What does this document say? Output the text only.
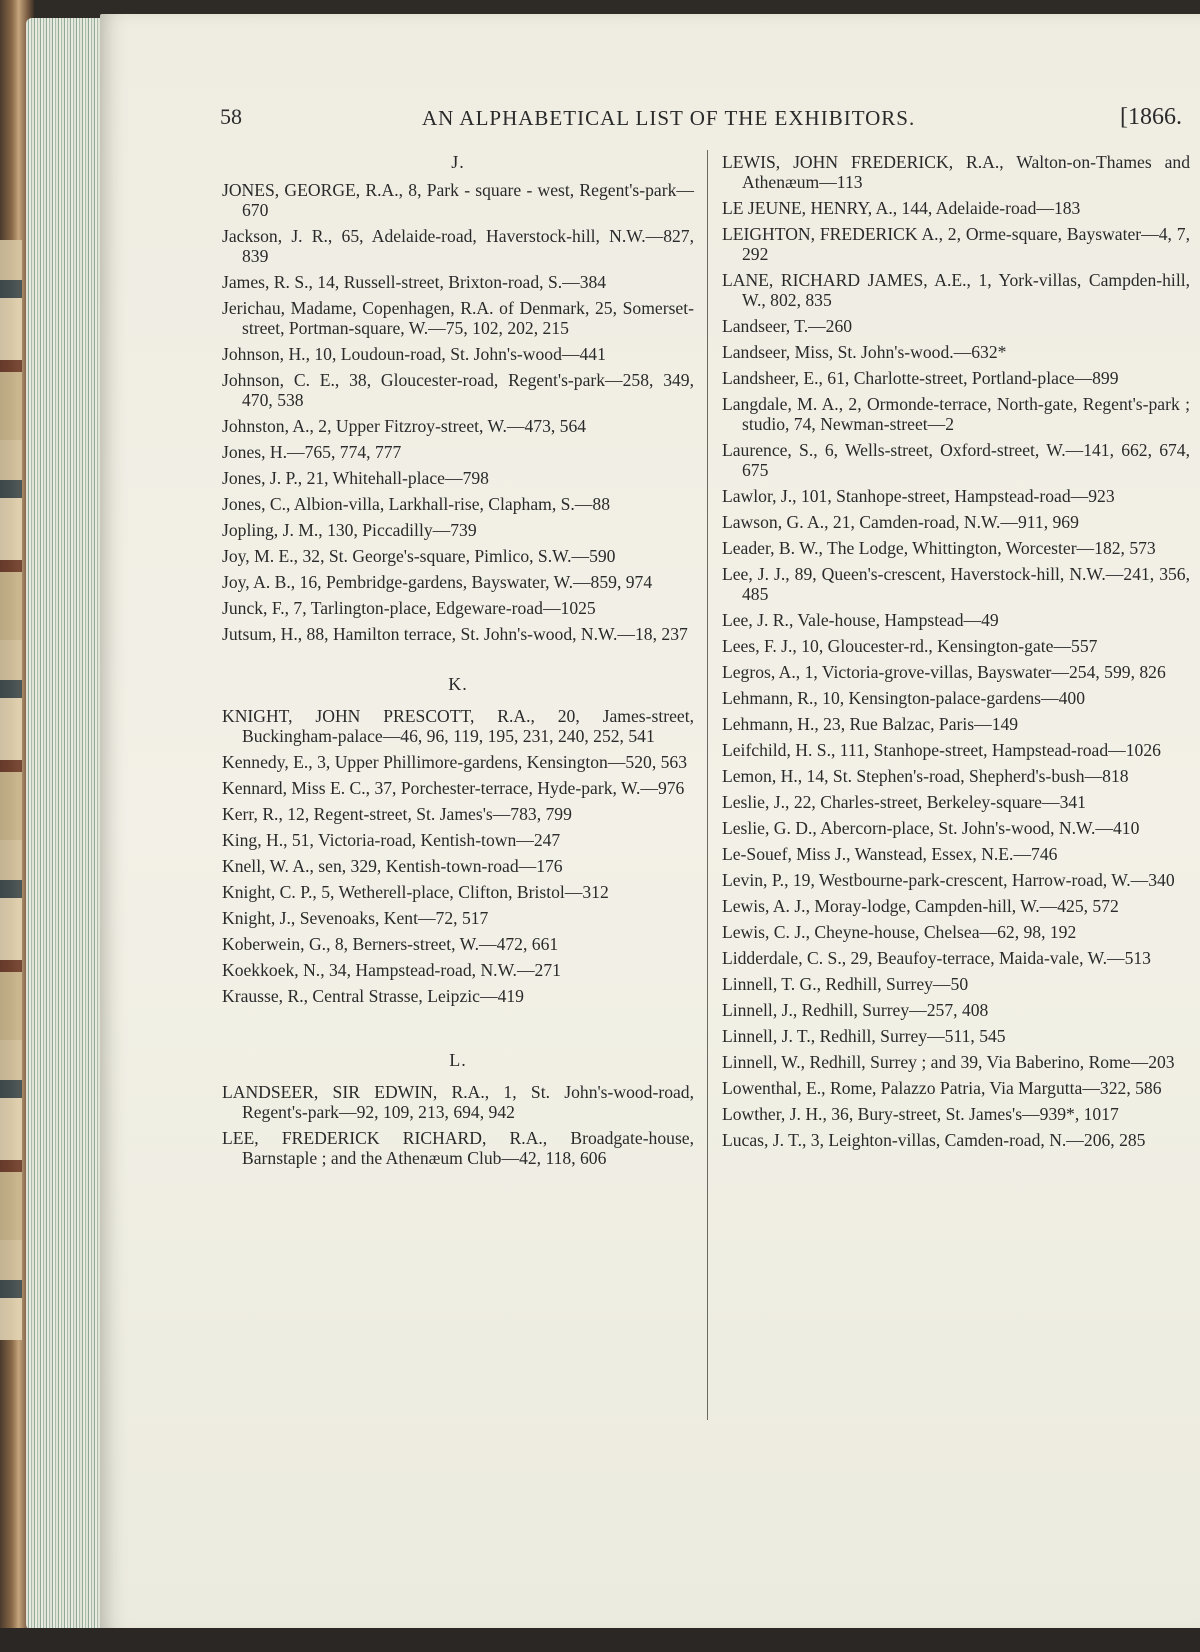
58	AN ALPHABETICAL LIST OF THE EXHIBITORS.	[1866.
J.

JONES, GEORGE, R.A., 8, Park - square - west, Regent's-park—670

Jackson, J. R., 65, Adelaide-road, Haverstock-hill, N.W.—827, 839

James, R. S., 14, Russell-street, Brixton-road, S.—384

Jerichau, Madame, Copenhagen, R.A. of Denmark, 25, Somerset-street, Portman-square, W.—75, 102, 202, 215

Johnson, H., 10, Loudoun-road, St. John's-wood—441

Johnson, C. E., 38, Gloucester-road, Regent's-park—258, 349, 470, 538

Johnston, A., 2, Upper Fitzroy-street, W.—473, 564

Jones, H.—765, 774, 777

Jones, J. P., 21, Whitehall-place—798

Jones, C., Albion-villa, Larkhall-rise, Clapham, S.—88

Jopling, J. M., 130, Piccadilly—739

Joy, M. E., 32, St. George's-square, Pimlico, S.W.—590

Joy, A. B., 16, Pembridge-gardens, Bayswater, W.—859, 974

Junck, F., 7, Tarlington-place, Edgeware-road—1025

Jutsum, H., 88, Hamilton terrace, St. John's-wood, N.W.—18, 237

K.

KNIGHT, JOHN PRESCOTT, R.A., 20, James-street, Buckingham-palace—46, 96, 119, 195, 231, 240, 252, 541

Kennedy, E., 3, Upper Phillimore-gardens, Kensington—520, 563

Kennard, Miss E. C., 37, Porchester-terrace, Hyde-park, W.—976

Kerr, R., 12, Regent-street, St. James's—783, 799

King, H., 51, Victoria-road, Kentish-town—247

Knell, W. A., sen, 329, Kentish-town-road—176

Knight, C. P., 5, Wetherell-place, Clifton, Bristol—312

Knight, J., Sevenoaks, Kent—72, 517

Koberwein, G., 8, Berners-street, W.—472, 661

Koekkoek, N., 34, Hampstead-road, N.W.—271

Krausse, R., Central Strasse, Leipzic—419

L.

LANDSEER, SIR EDWIN, R.A., 1, St. John's-wood-road, Regent's-park—92, 109, 213, 694, 942

LEE, FREDERICK RICHARD, R.A., Broadgate-house, Barnstaple ; and the Athenæum Club—42, 118, 606

LEWIS, JOHN FREDERICK, R.A., Walton-on-Thames and Athenæum—113

LE JEUNE, HENRY, A., 144, Adelaide-road—183

LEIGHTON, FREDERICK A., 2, Orme-square, Bayswater—4, 7, 292

LANE, RICHARD JAMES, A.E., 1, York-villas, Campden-hill, W., 802, 835

Landseer, T.—260

Landseer, Miss, St. John's-wood.—632*

Landsheer, E., 61, Charlotte-street, Portland-place—899

Langdale, M. A., 2, Ormonde-terrace, North-gate, Regent's-park ; studio, 74, Newman-street—2

Laurence, S., 6, Wells-street, Oxford-street, W.—141, 662, 674, 675

Lawlor, J., 101, Stanhope-street, Hampstead-road—923

Lawson, G. A., 21, Camden-road, N.W.—911, 969

Leader, B. W., The Lodge, Whittington, Worcester—182, 573

Lee, J. J., 89, Queen's-crescent, Haverstock-hill, N.W.—241, 356, 485

Lee, J. R., Vale-house, Hampstead—49

Lees, F. J., 10, Gloucester-rd., Kensington-gate—557

Legros, A., 1, Victoria-grove-villas, Bayswater—254, 599, 826

Lehmann, R., 10, Kensington-palace-gardens—400

Lehmann, H., 23, Rue Balzac, Paris—149

Leifchild, H. S., 111, Stanhope-street, Hampstead-road—1026

Lemon, H., 14, St. Stephen's-road, Shepherd's-bush—818

Leslie, J., 22, Charles-street, Berkeley-square—341

Leslie, G. D., Abercorn-place, St. John's-wood, N.W.—410

Le-Souef, Miss J., Wanstead, Essex, N.E.—746

Levin, P., 19, Westbourne-park-crescent, Harrow-road, W.—340

Lewis, A. J., Moray-lodge, Campden-hill, W.—425, 572

Lewis, C. J., Cheyne-house, Chelsea—62, 98, 192

Lidderdale, C. S., 29, Beaufoy-terrace, Maida-vale, W.—513

Linnell, T. G., Redhill, Surrey—50

Linnell, J., Redhill, Surrey—257, 408

Linnell, J. T., Redhill, Surrey—511, 545

Linnell, W., Redhill, Surrey ; and 39, Via Baberino, Rome—203

Lowenthal, E., Rome, Palazzo Patria, Via Margutta—322, 586

Lowther, J. H., 36, Bury-street, St. James's—939*, 1017

Lucas, J. T., 3, Leighton-villas, Camden-road, N.—206, 285
